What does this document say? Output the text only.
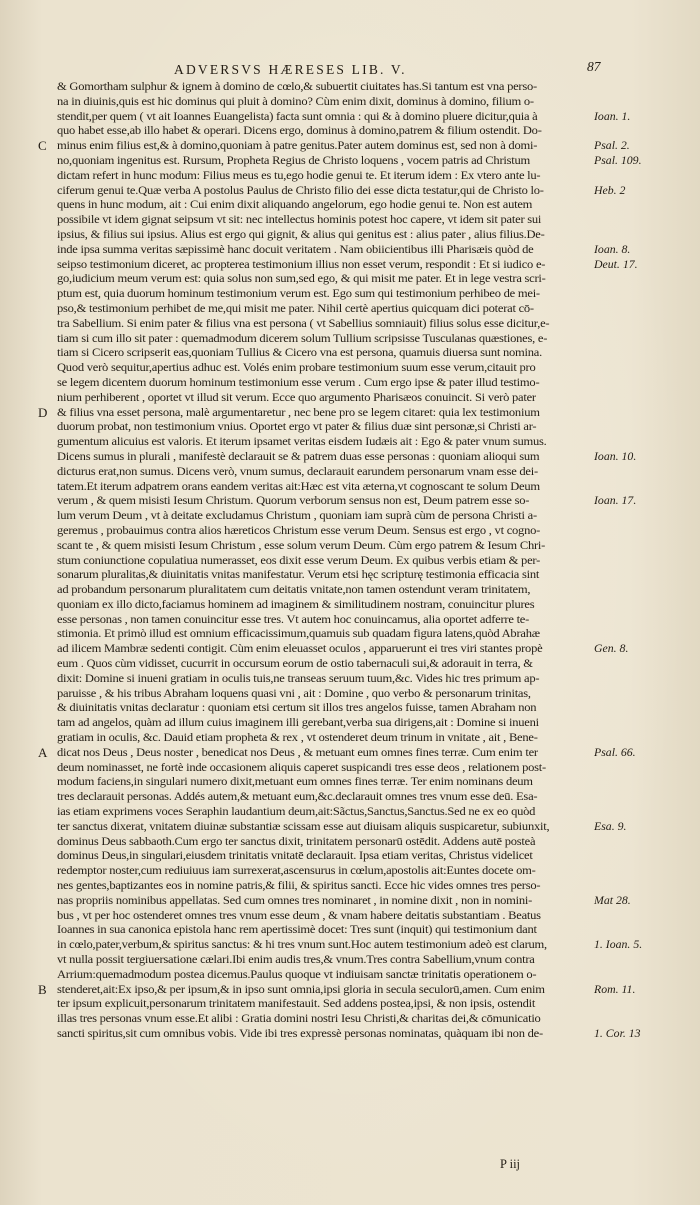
ADVERSVS HÆRESES LIB. V.	87
& Gomortham sulphur & ignem à domino de cœlo,& subuertit ciuitates has.Si tantum est vna perso-
na in diuinis,quis est hic dominus qui pluit à domino? Cùm enim dixit, dominus à domino, filium o-
stendit,per quem ( vt ait Ioannes Euangelista) facta sunt omnia : qui & à domino pluere dicitur,quia à
quo habet esse,ab illo habet & operari. Dicens ergo, dominus à domino,patrem & filium ostendit. Do-
minus enim filius est,& à domino,quoniam à patre genitus.Pater autem dominus est, sed non à domi-
no,quoniam ingenitus est. Rursum, Propheta Regius de Christo loquens , vocem patris ad Christum
dictam refert in hunc modum: Filius meus es tu,ego hodie genui te. Et iterum idem : Ex vtero ante lu-
ciferum genui te.Quæ verba A postolus Paulus de Christo filio dei esse dicta testatur,qui de Christo lo-
quens in hunc modum, ait : Cui enim dixit aliquando angelorum, ego hodie genui te. Non est autem
possibile vt idem gignat seipsum vt sit: nec intellectus hominis potest hoc capere, vt idem sit pater sui
ipsius, & filius sui ipsius. Alius est ergo qui gignit, & alius qui genitus est : alius pater , alius filius.De-
inde ipsa summa veritas sæpissimè hanc docuit veritatem . Nam obiicientibus illi Pharisæis quòd de
seipso testimonium diceret, ac propterea testimonium illius non esset verum, respondit : Et si iudico e-
go,iudicium meum verum est: quia solus non sum,sed ego, & qui misit me pater. Et in lege vestra scri-
ptum est, quia duorum hominum testimonium verum est. Ego sum qui testimonium perhibeo de mei-
pso,& testimonium perhibet de me,qui misit me pater. Nihil certè apertius quicquam dici poterat cō-
tra Sabellium. Si enim pater & filius vna est persona ( vt Sabellius somniauit) filius solus esse dicitur,e-
tiam si cum illo sit pater : quemadmodum dicerem solum Tullium scripsisse Tusculanas quæstiones, e-
tiam si Cicero scripserit eas,quoniam Tullius & Cicero vna est persona, quamuis diuersa sunt nomina.
Quod verò sequitur,apertius adhuc est. Volés enim probare testimonium suum esse verum,citauit pro
se legem dicentem duorum hominum testimonium esse verum . Cum ergo ipse & pater illud testimo-
nium perhiberent , oportet vt illud sit verum. Ecce quo argumento Pharisæos conuincit. Si verò pater
& filius vna esset persona, malè argumentaretur , nec bene pro se legem citaret: quia lex testimonium
duorum probat, non testimonium vnius. Oportet ergo vt pater & filius duæ sint personæ,si Christi ar-
gumentum alicuius est valoris. Et iterum ipsamet veritas eisdem Iudæis ait : Ego & pater vnum sumus.
Dicens sumus in plurali , manifestè declarauit se & patrem duas esse personas : quoniam alioqui sum
dicturus erat,non sumus. Dicens verò, vnum sumus, declarauit earundem personarum vnam esse dei-
tatem.Et iterum adpatrem orans eandem veritas ait:Hæc est vita æterna,vt cognoscant te solum Deum
verum , & quem misisti Iesum Christum. Quorum verborum sensus non est, Deum patrem esse so-
lum verum Deum , vt à deitate excludamus Christum , quoniam iam suprà cùm de persona Christi a-
geremus , probauimus contra alios hæreticos Christum esse verum Deum. Sensus est ergo , vt cogno-
scant te , & quem misisti Iesum Christum , esse solum verum Deum. Cùm ergo patrem & Iesum Chri-
stum coniunctione copulatiua numerasset, eos dixit esse verum Deum. Ex quibus verbis etiam & per-
sonarum pluralitas,& diuinitatis vnitas manifestatur. Verum etsi hęc scripturę testimonia efficacia sint
ad probandum personarum pluralitatem cum deitatis vnitate,non tamen ostendunt veram trinitatem,
quoniam ex illo dicto,faciamus hominem ad imaginem & similitudinem nostram, conuincitur plures
esse personas , non tamen conuincitur esse tres. Vt autem hoc conuincamus, alia oportet adferre te-
stimonia. Et primò illud est omnium efficacissimum,quamuis sub quadam figura latens,quòd Abrahæ
ad ilicem Mambræ sedenti contigit. Cùm enim eleuasset oculos , apparuerunt ei tres viri stantes propè
eum . Quos cùm vidisset, cucurrit in occursum eorum de ostio tabernaculi sui,& adorauit in terra, &
dixit: Domine si inueni gratiam in oculis tuis,ne transeas seruum tuum,&c. Vides hic tres primum ap-
paruisse , & his tribus Abraham loquens quasi vni , ait : Domine , quo verbo & personarum trinitas,
& diuinitatis vnitas declaratur : quoniam etsi certum sit illos tres angelos fuisse, tamen Abraham non
tam ad angelos, quàm ad illum cuius imaginem illi gerebant,verba sua dirigens,ait : Domine si inueni
gratiam in oculis, &c. Dauid etiam propheta & rex , vt ostenderet deum trinum in vnitate , ait , Bene-
dicat nos Deus , Deus noster , benedicat nos Deus , & metuant eum omnes fines terræ. Cum enim ter
deum nominasset, ne fortè inde occasionem aliquis caperet suspicandi tres esse deos , relationem post-
modum faciens,in singulari numero dixit,metuant eum omnes fines terræ. Ter enim nominans deum
tres declarauit personas. Addés autem,& metuant eum,&c.declarauit omnes tres vnum esse deū. Esa-
ias etiam exprimens voces Seraphin laudantium deum,ait:Sãctus,Sanctus,Sanctus.Sed ne ex eo quòd
ter sanctus dixerat, vnitatem diuinæ substantiæ scissam esse aut diuisam aliquis suspicaretur, subiunxit,
dominus Deus sabbaoth.Cum ergo ter sanctus dixit, trinitatem personarū ostēdit. Addens autē posteà
dominus Deus,in singulari,eiusdem trinitatis vnitatē declarauit. Ipsa etiam veritas, Christus videlicet
redemptor noster,cum rediuiuus iam surrexerat,ascensurus in cœlum,apostolis ait:Euntes docete om-
nes gentes,baptizantes eos in nomine patris,& filii, & spiritus sancti. Ecce hic vides omnes tres perso-
nas propriis nominibus appellatas. Sed cum omnes tres nominaret , in nomine dixit , non in nomini-
bus , vt per hoc ostenderet omnes tres vnum esse deum , & vnam habere deitatis substantiam . Beatus
Ioannes in sua canonica epistola hanc rem apertissimè docet: Tres sunt (inquit) qui testimonium dant
in cœlo,pater,verbum,& spiritus sanctus: & hi tres vnum sunt.Hoc autem testimonium adeò est clarum,
vt nulla possit tergiuersatione cælari.Ibi enim audis tres,& vnum.Tres contra Sabellium,vnum contra
Arrium:quemadmodum postea dicemus.Paulus quoque vt indiuisam sanctæ trinitatis operationem o-
stenderet,ait:Ex ipso,& per ipsum,& in ipso sunt omnia,ipsi gloria in secula seculorū,amen. Cum enim
ter ipsum explicuit,personarum trinitatem manifestauit. Sed addens postea,ipsi, & non ipsis, ostendit
illas tres personas vnum esse.Et alibi : Gratia domini nostri Iesu Christi,& charitas dei,& cōmunicatio
sancti spiritus,sit cum omnibus vobis. Vide ibi tres expressè personas nominatas, quàquam ibi non de-
Ioan. 1.
Psal. 2.
Psal. 109.
Heb. 2
Ioan. 8.
Deut. 17.
Ioan. 10.
Ioan. 17.
Gen. 8.
Psal. 66.
Esa. 9.
Mat 28.
1. Ioan. 5.
Rom. 11.
1. Cor. 13
C
D
A
B
P iij
